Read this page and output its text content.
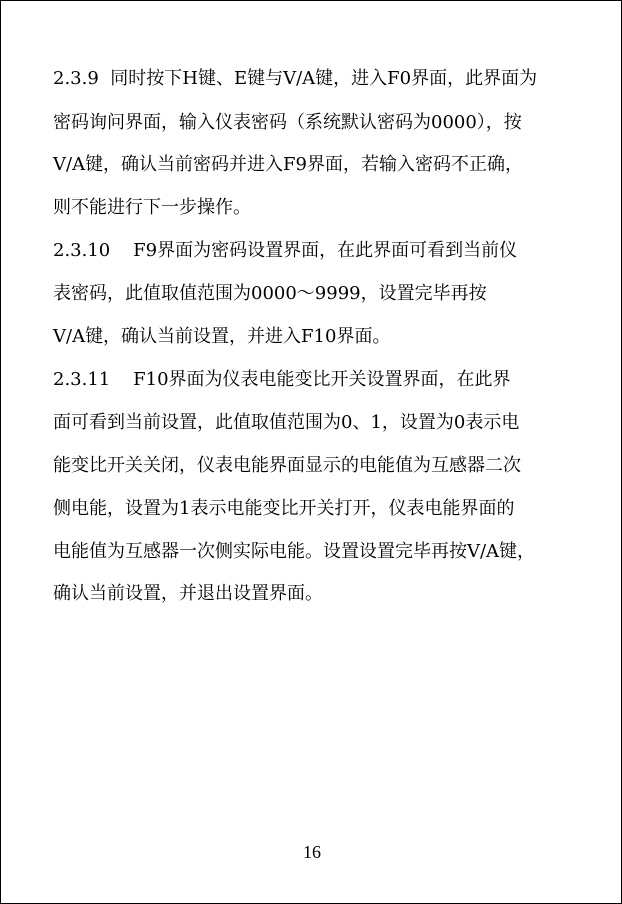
2.3.9  同时按下H键、E键与V/A键，进入F0界面，此界面为
密码询问界面，输入仪表密码（系统默认密码为0000），按
V/A键，确认当前密码并进入F9界面，若输入密码不正确，
则不能进行下一步操作。
2.3.10    F9界面为密码设置界面，在此界面可看到当前仪
表密码，此值取值范围为0000～9999，设置完毕再按
V/A键，确认当前设置，并进入F10界面。
2.3.11    F10界面为仪表电能变比开关设置界面，在此界
面可看到当前设置，此值取值范围为0、1，设置为0表示电
能变比开关关闭，仪表电能界面显示的电能值为互感器二次
侧电能，设置为1表示电能变比开关打开，仪表电能界面的
电能值为互感器一次侧实际电能。设置设置完毕再按V/A键，
确认当前设置，并退出设置界面。
16
